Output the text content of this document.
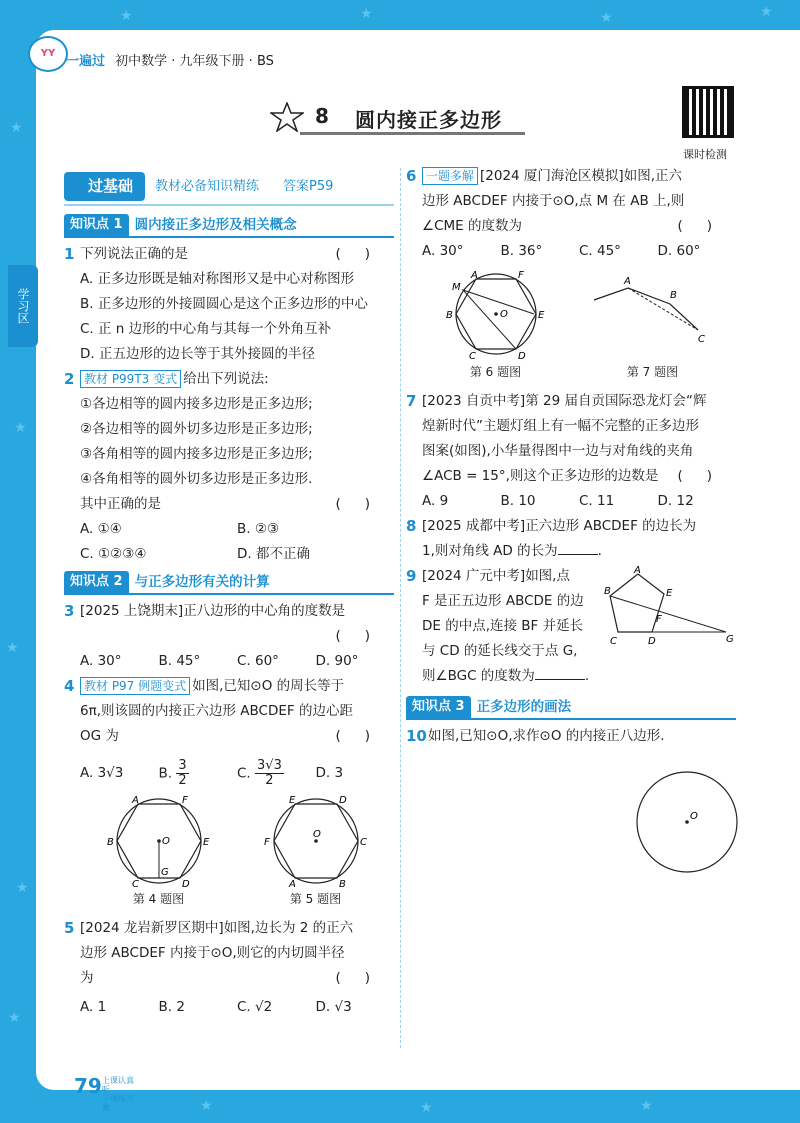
★
★
★
★
★	★	★	★
★	★	★
★
YY
一遍过 初中数学 · 九年级下册 · BS
8 圆内接正多边形
课时检测
学习区
过基础	教材必备知识精练 答案P59
知识点 1 圆内接正多边形及相关概念
1 下列说法正确的是	()
A. 正多边形既是轴对称图形又是中心对称图形
B. 正多边形的外接圆圆心是这个正多边形的中心
C. 正 n 边形的中心角与其每一个外角互补
D. 正五边形的边长等于其外接圆的半径
2 教材 P99T3 变式 给出下列说法:
①各边相等的圆内接多边形是正多边形;
②各边相等的圆外切多边形是正多边形;
③各角相等的圆内接多边形是正多边形;
④各角相等的圆外切多边形是正多边形.
其中正确的是	()
A. ①④	B. ②③
C. ①②③④	D. 都不正确
知识点 2 与正多边形有关的计算
3 [2025 上饶期末]正八边形的中心角的度数是
()

A. 30°	B. 45°	C. 60°	D. 90°
4 教材 P97 例题变式 如图,已知⊙O 的周长等于
6π,则该圆的内接正六边形 ABCDEF 的边心距
OG 为	()
A. 3√3	B. $\frac{3}{2}$	C. $\frac{3√3}{2} D$. 3
A	F
B	E
C	D
O
G
第 4 题图
E	D
F	C
A	B
O
第 5 题图
5 [2024 龙岩新罗区期中]如图,边长为 2 的正六
边形 ABCDEF 内接于⊙O,则它的内切圆半径
为	()
A. 1	B. 2	C. √2	D. √3
6 一题多解 [2024 厦门海沧区模拟]如图,正六
边形 ABCDEF 内接于⊙O,点 M 在 AB 上,则
∠CME 的度数为	()
A. 30°	B. 36°	C. 45°	D. 60°
A	F
M
B	E
C	D
O
第 6 题图
A
B
C
第 7 题图
7 [2023 自贡中考]第 29 届自贡国际恐龙灯会“辉
煌新时代”主题灯组上有一幅不完整的正多边形
图案(如图),小华量得图中一边与对角线的夹角
∠ACB = 15°,则这个正多边形的边数是 ()
A. 9	B. 10	C. 11	D. 12
8 [2025 成都中考]正六边形 ABCDEF 的边长为
1,则对角线 AD 的长为	.
9 [2024 广元中考]如图,点
F 是正五边形 ABCDE 的边
DE 的中点,连接 BF 并延长
与 CD 的延长线交于点 G,
则∠BGC 的度数为	.
A
B	E
C	D
F
G
知识点 3 正多边形的画法
10 如图,已知⊙O,求作⊙O 的内接正八边形.
O
79 上课认真听
下课练天量
